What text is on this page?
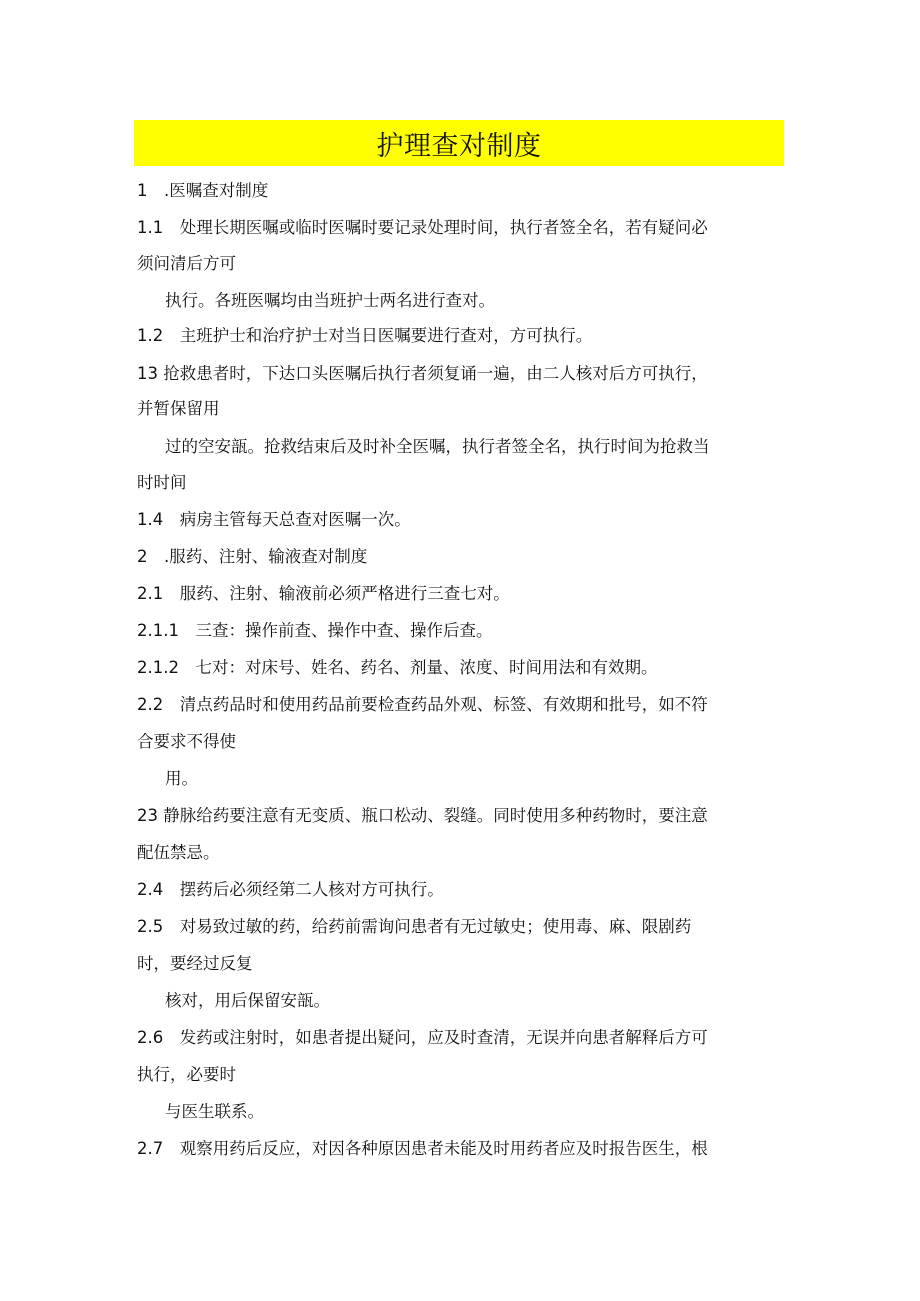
护理查对制度
1　.医嘱查对制度
1.1　处理长期医嘱或临时医嘱时要记录处理时间，执行者签全名，若有疑问必
须问清后方可
执行。各班医嘱均由当班护士两名进行查对。
1.2　主班护士和治疗护士对当日医嘱要进行查对，方可执行。
13 抢救患者时，下达口头医嘱后执行者须复诵一遍，由二人核对后方可执行，
并暂保留用
过的空安瓿。抢救结束后及时补全医嘱，执行者签全名，执行时间为抢救当
时时间
1.4　病房主管每天总查对医嘱一次。
2　.服药、注射、输液查对制度
2.1　服药、注射、输液前必须严格进行三查七对。
2.1.1　三查：操作前查、操作中查、操作后查。
2.1.2　七对：对床号、姓名、药名、剂量、浓度、时间用法和有效期。
2.2　清点药品时和使用药品前要检查药品外观、标签、有效期和批号，如不符
合要求不得使
用。
23 静脉给药要注意有无变质、瓶口松动、裂缝。同时使用多种药物时，要注意
配伍禁忌。
2.4　摆药后必须经第二人核对方可执行。
2.5　对易致过敏的药，给药前需询问患者有无过敏史；使用毒、麻、限剧药
时，要经过反复
核对，用后保留安瓿。
2.6　发药或注射时，如患者提出疑问，应及时查清，无误并向患者解释后方可
执行，必要时
与医生联系。
2.7　观察用药后反应，对因各种原因患者未能及时用药者应及时报告医生，根
